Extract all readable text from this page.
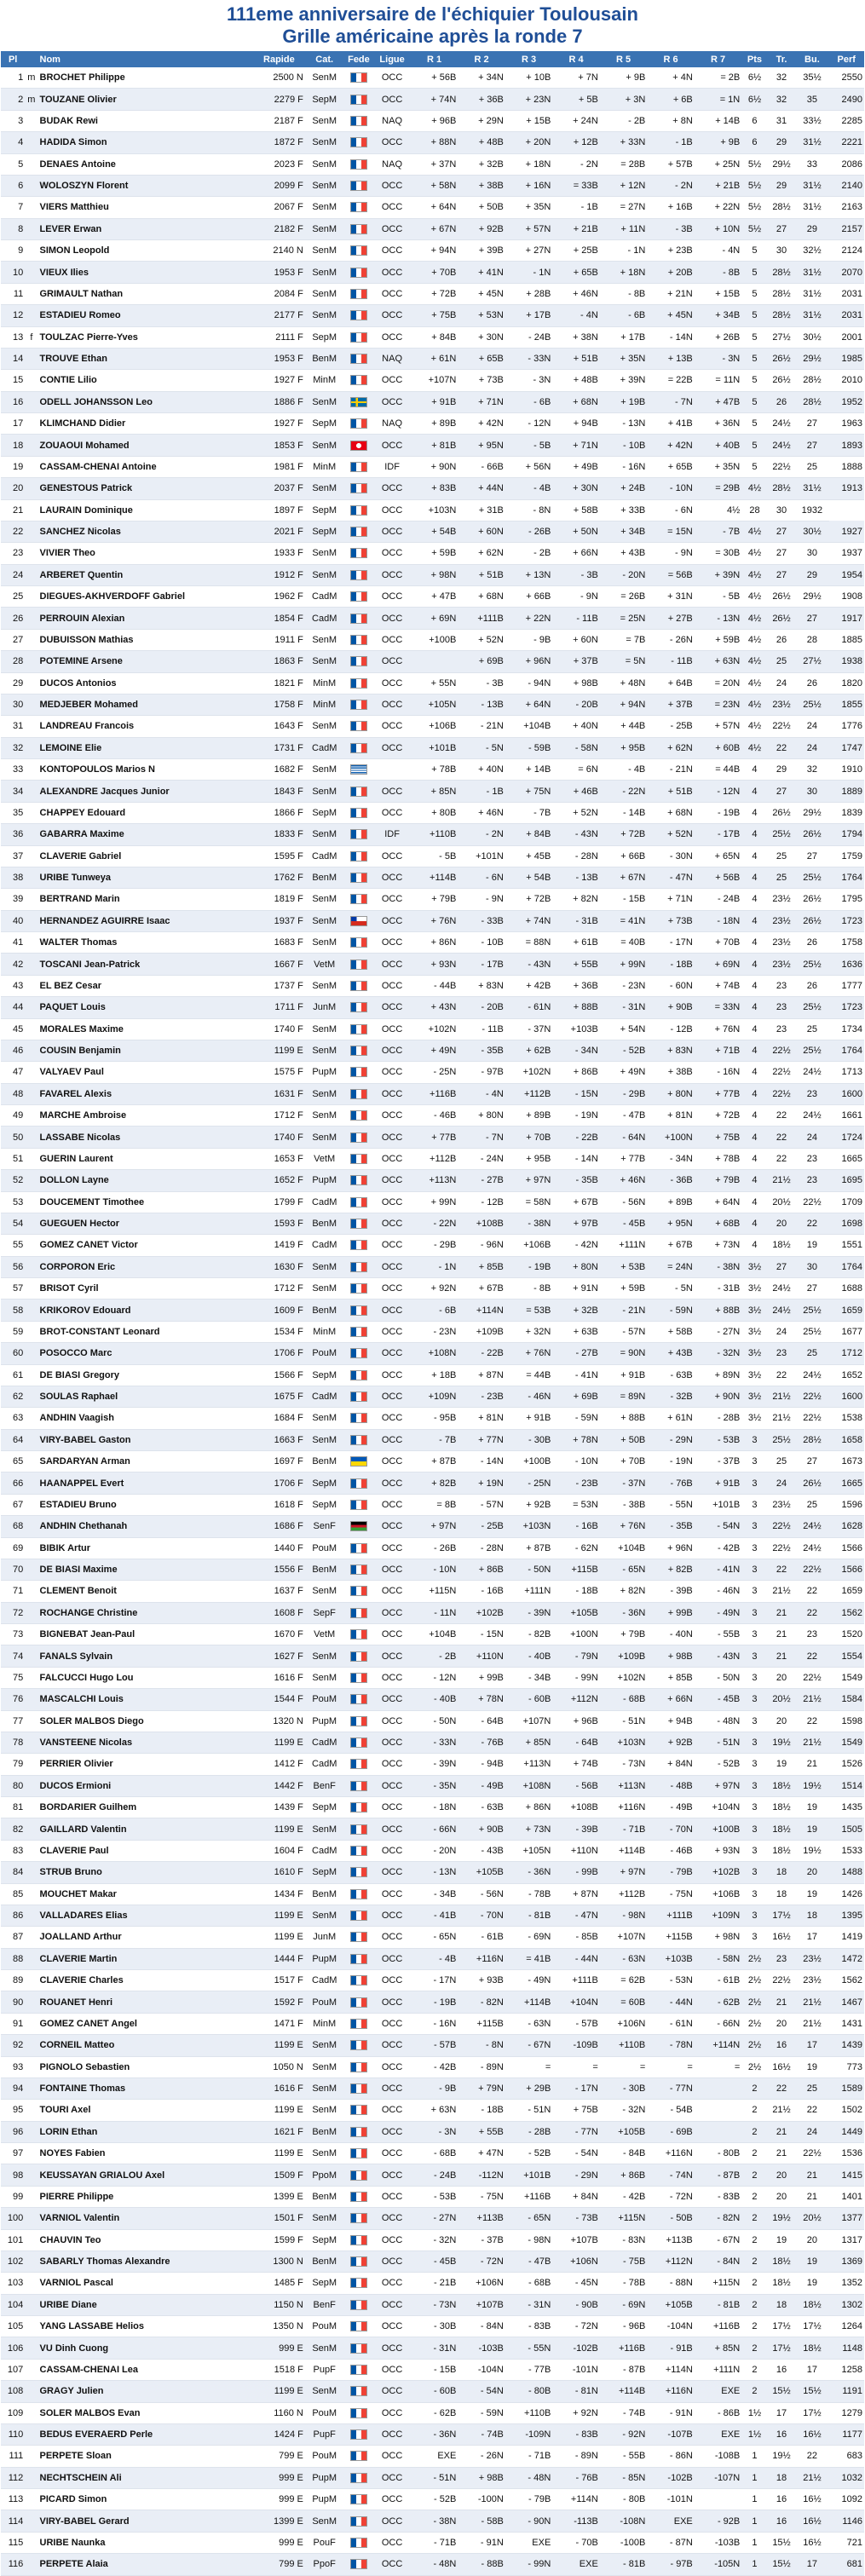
111eme anniversaire de l'échiquier Toulousain
Grille américaine après la ronde 7
Pl		Nom	Rapide	Cat.	Fede	Ligue	R 1	R 2	R 3	R 4	R 5	R 6	R 7	Pts	Tr.	Bu.	Perf
1	m	BROCHET Philippe	2500 N	SenM		OCC	+ 56B	+ 34N	+ 10B	+ 7N	+ 9B	+ 4N	= 2B	6½	32	35½	2550
2	m	TOUZANE Olivier	2279 F	SepM		OCC	+ 74N	+ 36B	+ 23N	+ 5B	+ 3N	+ 6B	= 1N	6½	32	35	2490
3		BUDAK Rewi	2187 F	SenM		NAQ	+ 96B	+ 29N	+ 15B	+ 24N	- 2B	+ 8N	+ 14B	6	31	33½	2285
4		HADIDA Simon	1872 F	SenM		OCC	+ 88N	+ 48B	+ 20N	+ 12B	+ 33N	- 1B	+ 9B	6	29	31½	2221
5		DENAES Antoine	2023 F	SenM		NAQ	+ 37N	+ 32B	+ 18N	- 2N	= 28B	+ 57B	+ 25N	5½	29½	33	2086
6		WOLOSZYN Florent	2099 F	SenM		OCC	+ 58N	+ 38B	+ 16N	= 33B	+ 12N	- 2N	+ 21B	5½	29	31½	2140
7		VIERS Matthieu	2067 F	SenM		OCC	+ 64N	+ 50B	+ 35N	- 1B	= 27N	+ 16B	+ 22N	5½	28½	31½	2163
8		LEVER Erwan	2182 F	SenM		OCC	+ 67N	+ 92B	+ 57N	+ 21B	+ 11N	- 3B	+ 10N	5½	27	29	2157
9		SIMON Leopold	2140 N	SenM		OCC	+ 94N	+ 39B	+ 27N	+ 25B	- 1N	+ 23B	- 4N	5	30	32½	2124
10		VIEUX Ilies	1953 F	SenM		OCC	+ 70B	+ 41N	- 1N	+ 65B	+ 18N	+ 20B	- 8B	5	28½	31½	2070
11		GRIMAULT Nathan	2084 F	SenM		OCC	+ 72B	+ 45N	+ 28B	+ 46N	- 8B	+ 21N	+ 15B	5	28½	31½	2031
12		ESTADIEU Romeo	2177 F	SenM		OCC	+ 75B	+ 53N	+ 17B	- 4N	- 6B	+ 45N	+ 34B	5	28½	31½	2031
13	f	TOULZAC Pierre-Yves	2111 F	SepM		OCC	+ 84B	+ 30N	- 24B	+ 38N	+ 17B	- 14N	+ 26B	5	27½	30½	2001
14		TROUVE Ethan	1953 F	BenM		NAQ	+ 61N	+ 65B	- 33N	+ 51B	+ 35N	+ 13B	- 3N	5	26½	29½	1985
15		CONTIE Lilio	1927 F	MinM		OCC	+107N	+ 73B	- 3N	+ 48B	+ 39N	= 22B	= 11N	5	26½	28½	2010
16		ODELL JOHANSSON Leo	1886 F	SenM		OCC	+ 91B	+ 71N	- 6B	+ 68N	+ 19B	- 7N	+ 47B	5	26	28½	1952
17		KLIMCHAND Didier	1927 F	SepM		NAQ	+ 89B	+ 42N	- 12N	+ 94B	- 13N	+ 41B	+ 36N	5	24½	27	1963
18		ZOUAOUI Mohamed	1853 F	SenM		OCC	+ 81B	+ 95N	- 5B	+ 71N	- 10B	+ 42N	+ 40B	5	24½	27	1893
19		CASSAM-CHENAI Antoine	1981 F	MinM		IDF	+ 90N	- 66B	+ 56N	+ 49B	- 16N	+ 65B	+ 35N	5	22½	25	1888
20		GENESTOUS Patrick	2037 F	SenM		OCC	+ 83B	+ 44N	- 4B	+ 30N	+ 24B	- 10N	= 29B	4½	28½	31½	1913
21		LAURAIN Dominique	1897 F	SepM		OCC	+103N	+ 31B	- 8N	+ 58B	+ 33B	- 6N	4½	28	30	1932	
22		SANCHEZ Nicolas	2021 F	SepM		OCC	+ 54B	+ 60N	- 26B	+ 50N	+ 34B	= 15N	- 7B	4½	27	30½	1927
23		VIVIER Theo	1933 F	SenM		OCC	+ 59B	+ 62N	- 2B	+ 66N	+ 43B	- 9N	= 30B	4½	27	30	1937
24		ARBERET Quentin	1912 F	SenM		OCC	+ 98N	+ 51B	+ 13N	- 3B	- 20N	= 56B	+ 39N	4½	27	29	1954
25		DIEGUES-AKHVERDOFF Gabriel	1962 F	CadM		OCC	+ 47B	+ 68N	+ 66B	- 9N	= 26B	+ 31N	- 5B	4½	26½	29½	1908
26		PERROUIN Alexian	1854 F	CadM		OCC	+ 69N	+111B	+ 22N	- 11B	= 25N	+ 27B	- 13N	4½	26½	27	1917
27		DUBUISSON Mathias	1911 F	SenM		OCC	+100B	+ 52N	- 9B	+ 60N	= 7B	- 26N	+ 59B	4½	26	28	1885
28		POTEMINE Arsene	1863 F	SenM		OCC		+ 69B	+ 96N	+ 37B	= 5N	- 11B	+ 63N	4½	25	27½	1938
29		DUCOS Antonios	1821 F	MinM		OCC	+ 55N	- 3B	- 94N	+ 98B	+ 48N	+ 64B	= 20N	4½	24	26	1820
30		MEDJEBER Mohamed	1758 F	MinM		OCC	+105N	- 13B	+ 64N	- 20B	+ 94N	+ 37B	= 23N	4½	23½	25½	1855
31		LANDREAU Francois	1643 F	SenM		OCC	+106B	- 21N	+104B	+ 40N	+ 44B	- 25B	+ 57N	4½	22½	24	1776
32		LEMOINE Elie	1731 F	CadM		OCC	+101B	- 5N	- 59B	- 58N	+ 95B	+ 62N	+ 60B	4½	22	24	1747
33		KONTOPOULOS Marios N	1682 F	SenM			+ 78B	+ 40N	+ 14B	= 6N	- 4B	- 21N	= 44B	4	29	32	1910
34		ALEXANDRE Jacques Junior	1843 F	SenM		OCC	+ 85N	- 1B	+ 75N	+ 46B	- 22N	+ 51B	- 12N	4	27	30	1889
35		CHAPPEY Edouard	1866 F	SepM		OCC	+ 80B	+ 46N	- 7B	+ 52N	- 14B	+ 68N	- 19B	4	26½	29½	1839
36		GABARRA Maxime	1833 F	SenM		IDF	+110B	- 2N	+ 84B	- 43N	+ 72B	+ 52N	- 17B	4	25½	26½	1794
37		CLAVERIE Gabriel	1595 F	CadM		OCC	- 5B	+101N	+ 45B	- 28N	+ 66B	- 30N	+ 65N	4	25	27	1759
38		URIBE Tunweya	1762 F	BenM		OCC	+114B	- 6N	+ 54B	- 13B	+ 67N	- 47N	+ 56B	4	25	25½	1764
39		BERTRAND Marin	1819 F	SenM		OCC	+ 79B	- 9N	+ 72B	+ 82N	- 15B	+ 71N	- 24B	4	23½	26½	1795
40		HERNANDEZ AGUIRRE Isaac	1937 F	SenM		OCC	+ 76N	- 33B	+ 74N	- 31B	= 41N	+ 73B	- 18N	4	23½	26½	1723
41		WALTER Thomas	1683 F	SenM		OCC	+ 86N	- 10B	= 88N	+ 61B	= 40B	- 17N	+ 70B	4	23½	26	1758
42		TOSCANI Jean-Patrick	1667 F	VetM		OCC	+ 93N	- 17B	- 43N	+ 55B	+ 99N	- 18B	+ 69N	4	23½	25½	1636
43		EL BEZ Cesar	1737 F	SenM		OCC	- 44B	+ 83N	+ 42B	+ 36B	- 23N	- 60N	+ 74B	4	23	26	1777
44		PAQUET Louis	1711 F	JunM		OCC	+ 43N	- 20B	- 61N	+ 88B	- 31N	+ 90B	= 33N	4	23	25½	1723
45		MORALES Maxime	1740 F	SenM		OCC	+102N	- 11B	- 37N	+103B	+ 54N	- 12B	+ 76N	4	23	25	1734
46		COUSIN Benjamin	1199 E	SenM		OCC	+ 49N	- 35B	+ 62B	- 34N	- 52B	+ 83N	+ 71B	4	22½	25½	1764
47		VALYAEV Paul	1575 F	PupM		OCC	- 25N	- 97B	+102N	+ 86B	+ 49N	+ 38B	- 16N	4	22½	24½	1713
48		FAVAREL Alexis	1631 F	SenM		OCC	+116B	- 4N	+112B	- 15N	- 29B	+ 80N	+ 77B	4	22½	23	1600
49		MARCHE Ambroise	1712 F	SenM		OCC	- 46B	+ 80N	+ 89B	- 19N	- 47B	+ 81N	+ 72B	4	22	24½	1661
50		LASSABE Nicolas	1740 F	SenM		OCC	+ 77B	- 7N	+ 70B	- 22B	- 64N	+100N	+ 75B	4	22	24	1724
51		GUERIN Laurent	1653 F	VetM		OCC	+112B	- 24N	+ 95B	- 14N	+ 77B	- 34N	+ 78B	4	22	23	1665
52		DOLLON Layne	1652 F	PupM		OCC	+113N	- 27B	+ 97N	- 35B	+ 46N	- 36B	+ 79B	4	21½	23	1695
53		DOUCEMENT Timothee	1799 F	CadM		OCC	+ 99N	- 12B	= 58N	+ 67B	- 56N	+ 89B	+ 64N	4	20½	22½	1709
54		GUEGUEN Hector	1593 F	BenM		OCC	- 22N	+108B	- 38N	+ 97B	- 45B	+ 95N	+ 68B	4	20	22	1698
55		GOMEZ CANET Victor	1419 F	CadM		OCC	- 29B	- 96N	+106B	- 42N	+111N	+ 67B	+ 73N	4	18½	19	1551
56		CORPORON Eric	1630 F	SenM		OCC	- 1N	+ 85B	- 19B	+ 80N	+ 53B	= 24N	- 38N	3½	27	30	1764
57		BRISOT Cyril	1712 F	SenM		OCC	+ 92N	+ 67B	- 8B	+ 91N	+ 59B	- 5N	- 31B	3½	24½	27	1688
58		KRIKOROV Edouard	1609 F	BenM		OCC	- 6B	+114N	= 53B	+ 32B	- 21N	- 59N	+ 88B	3½	24½	25½	1659
59		BROT-CONSTANT Leonard	1534 F	MinM		OCC	- 23N	+109B	+ 32N	+ 63B	- 57N	+ 58B	- 27N	3½	24	25½	1677
60		POSOCCO Marc	1706 F	PouM		OCC	+108N	- 22B	+ 76N	- 27B	= 90N	+ 43B	- 32N	3½	23	25	1712
61		DE BIASI Gregory	1566 F	SepM		OCC	+ 18B	+ 87N	= 44B	- 41N	+ 91B	- 63B	+ 89N	3½	22	24½	1652
62		SOULAS Raphael	1675 F	CadM		OCC	+109N	- 23B	- 46N	+ 69B	= 89N	- 32B	+ 90N	3½	21½	22½	1600
63		ANDHIN Vaagish	1684 F	SenM		OCC	- 95B	+ 81N	+ 91B	- 59N	+ 88B	+ 61N	- 28B	3½	21½	22½	1538
64		VIRY-BABEL Gaston	1663 F	SenM		OCC	- 7B	+ 77N	- 30B	+ 78N	+ 50B	- 29N	- 53B	3	25½	28½	1658
65		SARDARYAN Arman	1697 F	BenM		OCC	+ 87B	- 14N	+100B	- 10N	+ 70B	- 19N	- 37B	3	25	27	1673
66		HAANAPPEL Evert	1706 F	SepM		OCC	+ 82B	+ 19N	- 25N	- 23B	- 37N	- 76B	+ 91B	3	24	26½	1665
67		ESTADIEU Bruno	1618 F	SepM		OCC	= 8B	- 57N	+ 92B	= 53N	- 38B	- 55N	+101B	3	23½	25	1596
68		ANDHIN Chethanah	1686 F	SenF		OCC	+ 97N	- 25B	+103N	- 16B	+ 76N	- 35B	- 54N	3	22½	24½	1628
69		BIBIK Artur	1440 F	PouM		OCC	- 26B	- 28N	+ 87B	- 62N	+104B	+ 96N	- 42B	3	22½	24½	1566
70		DE BIASI Maxime	1556 F	BenM		OCC	- 10N	+ 86B	- 50N	+115B	- 65N	+ 82B	- 41N	3	22	22½	1566
71		CLEMENT Benoit	1637 F	SenM		OCC	+115N	- 16B	+111N	- 18B	+ 82N	- 39B	- 46N	3	21½	22	1659
72		ROCHANGE Christine	1608 F	SepF		OCC	- 11N	+102B	- 39N	+105B	- 36N	+ 99B	- 49N	3	21	22	1562
73		BIGNEBAT Jean-Paul	1670 F	VetM		OCC	+104B	- 15N	- 82B	+100N	+ 79B	- 40N	- 55B	3	21	23	1520
74		FANALS Sylvain	1627 F	SenM		OCC	- 2B	+110N	- 40B	- 79N	+109B	+ 98B	- 43N	3	21	22	1554
75		FALCUCCI Hugo Lou	1616 F	SenM		OCC	- 12N	+ 99B	- 34B	- 99N	+102N	+ 85B	- 50N	3	20	22½	1549
76		MASCALCHI Louis	1544 F	PouM		OCC	- 40B	+ 78N	- 60B	+112N	- 68B	+ 66N	- 45B	3	20½	21½	1584
77		SOLER MALBOS Diego	1320 N	PupM		OCC	- 50N	- 64B	+107N	+ 96B	- 51N	+ 94B	- 48N	3	20	22	1598
78		VANSTEENE Nicolas	1199 E	CadM		OCC	- 33N	- 76B	+ 85N	- 64B	+103N	+ 92B	- 51N	3	19½	21½	1549
79		PERRIER Olivier	1412 F	CadM		OCC	- 39N	- 94B	+113N	+ 74B	- 73N	+ 84N	- 52B	3	19	21	1526
80		DUCOS Ermioni	1442 F	BenF		OCC	- 35N	- 49B	+108N	- 56B	+113N	- 48B	+ 97N	3	18½	19½	1514
81		BORDARIER Guilhem	1439 F	SepM		OCC	- 18N	- 63B	+ 86N	+108B	+116N	- 49B	+104N	3	18½	19	1435
82		GAILLARD Valentin	1199 E	SenM		OCC	- 66N	+ 90B	+ 73N	- 39B	- 71B	- 70N	+100B	3	18½	19	1505
83		CLAVERIE Paul	1604 F	CadM		OCC	- 20N	- 43B	+105N	+110N	+114B	- 46B	+ 93N	3	18½	19½	1533
84		STRUB Bruno	1610 F	SepM		OCC	- 13N	+105B	- 36N	- 99B	+ 97N	- 79B	+102B	3	18	20	1488
85		MOUCHET Makar	1434 F	BenM		OCC	- 34B	- 56N	- 78B	+ 87N	+112B	- 75N	+106B	3	18	19	1426
86		VALLADARES Elias	1199 E	SenM		OCC	- 41B	- 70N	- 81B	- 47N	- 98N	+111B	+109N	3	17½	18	1395
87		JOALLAND Arthur	1199 E	JunM		OCC	- 65N	- 61B	- 69N	- 85B	+107N	+115B	+ 98N	3	16½	17	1419
88		CLAVERIE Martin	1444 F	PupM		OCC	- 4B	+116N	= 41B	- 44N	- 63N	+103B	- 58N	2½	23	23½	1472
89		CLAVERIE Charles	1517 F	CadM		OCC	- 17N	+ 93B	- 49N	+111B	= 62B	- 53N	- 61B	2½	22½	23½	1562
90		ROUANET Henri	1592 F	PouM		OCC	- 19B	- 82N	+114B	+104N	= 60B	- 44N	- 62B	2½	21	21½	1467
91		GOMEZ CANET Angel	1471 F	MinM		OCC	- 16N	+115B	- 63N	- 57B	+106N	- 61N	- 66N	2½	20	21½	1431
92		CORNEIL Matteo	1199 E	SenM		OCC	- 57B	- 8N	- 67N	-109B	+110B	- 78N	+114N	2½	16	17	1439
93		PIGNOLO Sebastien	1050 N	SenM		OCC	- 42B	- 89N	=	=	=	=	=	2½	16½	19	773
94		FONTAINE Thomas	1616 F	SenM		OCC	- 9B	+ 79N	+ 29B	- 17N	- 30B	- 77N		2	22	25	1589
95		TOURI Axel	1199 E	SenM		OCC	+ 63N	- 18B	- 51N	+ 75B	- 32N	- 54B		2	21½	22	1502
96		LORIN Ethan	1621 F	BenM		OCC	- 3N	+ 55B	- 28B	- 77N	+105B	- 69B		2	21	24	1449
97		NOYES Fabien	1199 E	SenM		OCC	- 68B	+ 47N	- 52B	- 54N	- 84B	+116N	- 80B	2	21	22½	1536
98		KEUSSAYAN GRIALOU Axel	1509 F	PpoM		OCC	- 24B	-112N	+101B	- 29N	+ 86B	- 74N	- 87B	2	20	21	1415
99		PIERRE Philippe	1399 E	BenM		OCC	- 53B	- 75N	+116B	+ 84N	- 42B	- 72N	- 83B	2	20	21	1401
100		VARNIOL Valentin	1501 F	SenM		OCC	- 27N	+113B	- 65N	- 73B	+115N	- 50B	- 82N	2	19½	20½	1377
101		CHAUVIN Teo	1599 F	SepM		OCC	- 32N	- 37B	- 98N	+107B	- 83N	+113B	- 67N	2	19	20	1317
102		SABARLY Thomas Alexandre	1300 N	BenM		OCC	- 45B	- 72N	- 47B	+106N	- 75B	+112N	- 84N	2	18½	19	1369
103		VARNIOL Pascal	1485 F	SepM		OCC	- 21B	+106N	- 68B	- 45N	- 78B	- 88N	+115N	2	18½	19	1352
104		URIBE Diane	1150 N	BenF		OCC	- 73N	+107B	- 31N	- 90B	- 69N	+105B	- 81B	2	18	18½	1302
105		YANG LASSABE Helios	1350 N	PouM		OCC	- 30B	- 84N	- 83B	- 72N	- 96B	-104N	+116B	2	17½	17½	1264
106		VU Dinh Cuong	999 E	SenM		OCC	- 31N	-103B	- 55N	-102B	+116B	- 91B	+ 85N	2	17½	18½	1148
107		CASSAM-CHENAI Lea	1518 F	PupF		OCC	- 15B	-104N	- 77B	-101N	- 87B	+114N	+111N	2	16	17	1258
108		GRAGY Julien	1199 E	SenM		OCC	- 60B	- 54N	- 80B	- 81N	+114B	+116N	EXE	2	15½	15½	1191
109		SOLER MALBOS Evan	1160 N	PouM		OCC	- 62B	- 59N	+110B	+ 92N	- 74B	- 91N	- 86B	1½	17	17½	1279
110		BEDUS EVERAERD Perle	1424 F	PupF		OCC	- 36N	- 74B	-109N	- 83B	- 92N	-107B	EXE	1½	16	16½	1177
111		PERPETE Sloan	799 E	PouM		OCC	EXE	- 26N	- 71B	- 89N	- 55B	- 86N	-108B	1	19½	22	683
112		NECHTSCHEIN Ali	999 E	PupM		OCC	- 51N	+ 98B	- 48N	- 76B	- 85N	-102B	-107N	1	18	21½	1032
113		PICARD Simon	999 E	PupM		OCC	- 52B	-100N	- 79B	+114N	- 80B	-101N		1	16	16½	1092
114		VIRY-BABEL Gerard	1399 E	SenM		OCC	- 38N	- 58B	- 90N	-113B	-108N	EXE	- 92B	1	16	16½	1146
115		URIBE Naunka	999 E	PouF		OCC	- 71B	- 91N	EXE	- 70B	-100B	- 87N	-103B	1	15½	16½	721
116		PERPETE Alaia	799 E	PpoF		OCC	- 48N	- 88B	- 99N	EXE	- 81B	- 97B	-105N	1	15½	17	681
